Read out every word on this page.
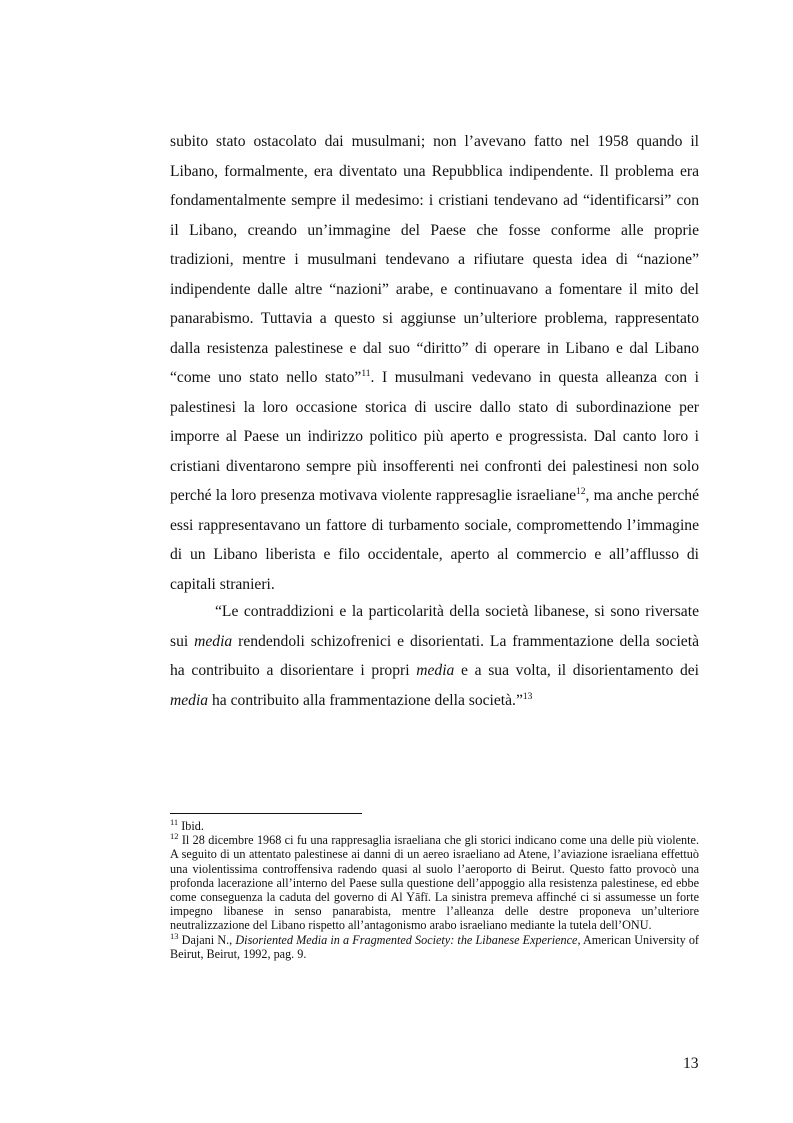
subito stato ostacolato dai musulmani; non l’avevano fatto nel 1958 quando il Libano, formalmente, era diventato una Repubblica indipendente. Il problema era fondamentalmente sempre il medesimo: i cristiani tendevano ad “identificarsi” con il Libano, creando un’immagine del Paese che fosse conforme alle proprie tradizioni, mentre i musulmani tendevano a rifiutare questa idea di “nazione” indipendente dalle altre “nazioni” arabe, e continuavano a fomentare il mito del panarabismo. Tuttavia a questo si aggiunse un’ulteriore problema, rappresentato dalla resistenza palestinese e dal suo “diritto” di operare in Libano e dal Libano “come uno stato nello stato”$^{11}$. I musulmani vedevano in questa alleanza con i palestinesi la loro occasione storica di uscire dallo stato di subordinazione per imporre al Paese un indirizzo politico più aperto e progressista. Dal canto loro i cristiani diventarono sempre più insofferenti nei confronti dei palestinesi non solo perché la loro presenza motivava violente rappresaglie israeliane$^{12}$, ma anche perché essi rappresentavano un fattore di turbamento sociale, compromettendo l’immagine di un Libano liberista e filo occidentale, aperto al commercio e all’afflusso di capitali stranieri.

“Le contraddizioni e la particolarità della società libanese, si sono riversate sui media rendendoli schizofrenici e disorientati. La frammentazione della società ha contribuito a disorientare i propri media e a sua volta, il disorientamento dei media ha contribuito alla frammentazione della società.”$^{13}$

$^{11}$ Ibid.

$^{12}$ Il 28 dicembre 1968 ci fu una rappresaglia israeliana che gli storici indicano come una delle più violente. A seguito di un attentato palestinese ai danni di un aereo israeliano ad Atene, l’aviazione israeliana effettuò una violentissima controffensiva radendo quasi al suolo l’aeroporto di Beirut. Questo fatto provocò una profonda lacerazione all’interno del Paese sulla questione dell’appoggio alla resistenza palestinese, ed ebbe come conseguenza la caduta del governo di Al Yāfī. La sinistra premeva affinché ci si assumesse un forte impegno libanese in senso panarabista, mentre l’alleanza delle destre proponeva un’ulteriore neutralizzazione del Libano rispetto all’antagonismo arabo israeliano mediante la tutela dell’ONU.

$^{13}$ Dajani N., Disoriented Media in a Fragmented Society: the Libanese Experience, American University of Beirut, Beirut, 1992, pag. 9.

13
